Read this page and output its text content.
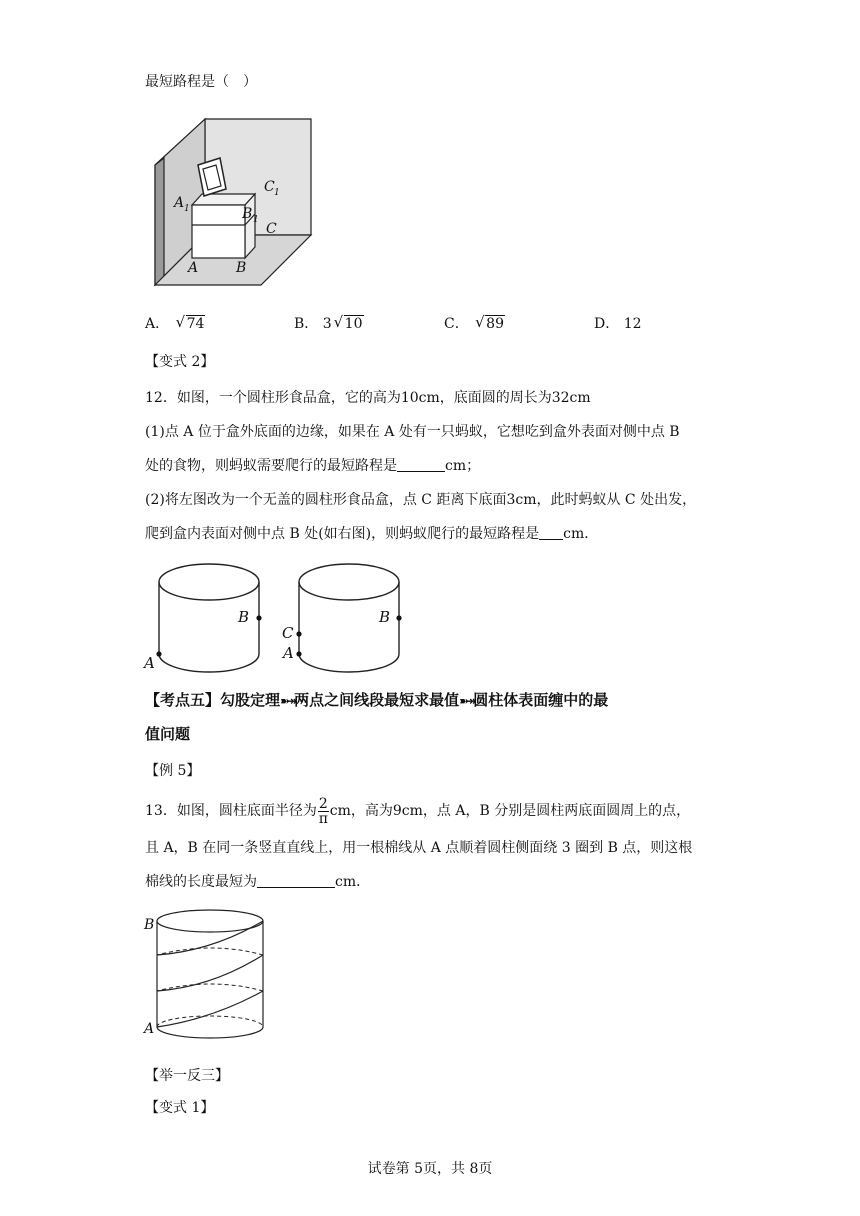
最短路程是（　）
A 1	B 1
C 1
C
A	B
A． √ 74	B． 3 √ 10	C． √ 89	D． 12
【变式 2】
12．如图，一个圆柱形食品盒，它的高为10cm，底面圆的周长为32cm
(1)点 A 位于盒外底面的边缘，如果在 A 处有一只蚂蚁，它想吃到盒外表面对侧中点 B
处的食物，则蚂蚁需要爬行的最短路程是	cm；
(2)将左图改为一个无盖的圆柱形食品盒，点 C 距离下底面3cm，此时蚂蚁从 C 处出发，
爬到盒内表面对侧中点 B 处(如右图)，则蚂蚁爬行的最短路程是 cm．
B
A
B
C
A
【考点五】勾股定理➽↠两点之间线段最短求最值➽↠圆柱体表面缠中的最
值问题
【例 5】
13．如图，圆柱底面半径为 $\frac{2}{\pi}$ cm，高为9cm，点 A，B 分别是圆柱两底面圆周上的点，
且 A，B 在同一条竖直直线上，用一根棉线从 A 点顺着圆柱侧面绕 3 圈到 B 点，则这根
棉线的长度最短为	cm．
B
A
【举一反三】
【变式 1】
试卷第 5页，共 8页
